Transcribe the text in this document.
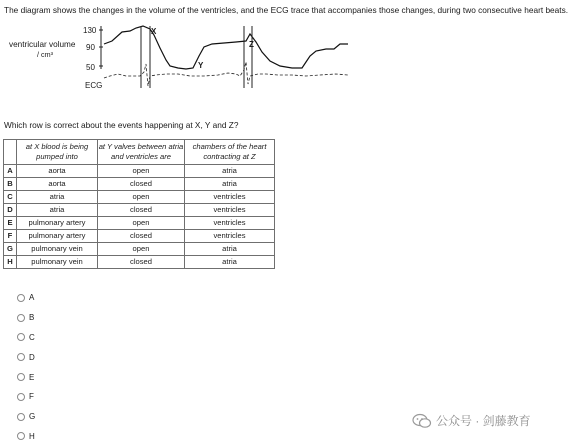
The diagram shows the changes in the volume of the ventricles, and the ECG trace that accompanies those changes, during two consecutive heart beats.
ventricular volume
/ cm³
130
90
50
ECG
X
Y
Z
Which row is correct about the events happening at X, Y and Z?
	at X blood is being pumped into	at Y valves between atria and ventricles are	chambers of the heart contracting at Z
A	aorta	open	atria
B	aorta	closed	atria
C	atria	open	ventricles
D	atria	closed	ventricles
E	pulmonary artery	open	ventricles
F	pulmonary artery	closed	ventricles
G	pulmonary vein	open	atria
H	pulmonary vein	closed	atria
A
B
C
D
E
F
G
H
公众号 · 剑藤教育
